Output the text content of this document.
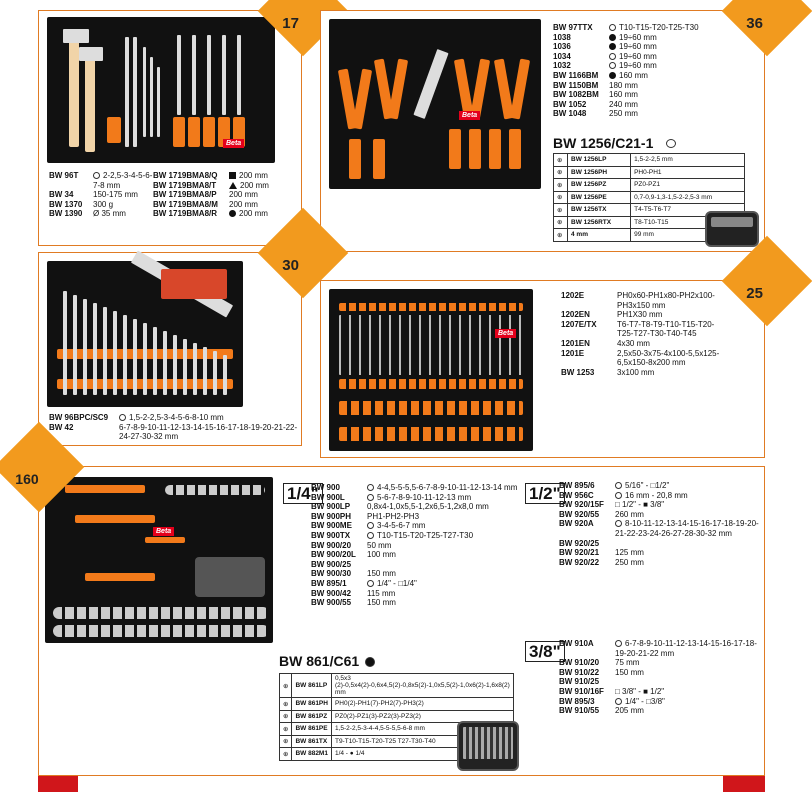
Beta
17
BW 96T	2-2,5-3-4-5-6-7-8 mm
BW 34	150-175 mm
BW 1370	300 g
BW 1390	Ø 35 mm
BW 1719BMA8/Q	200 mm
BW 1719BMA8/T	200 mm
BW 1719BMA8/P	200 mm
BW 1719BMA8/M	200 mm
BW 1719BMA8/R	200 mm
Beta
36
BW 97TTX	T10-T15-T20-T25-T30
1038	19÷60 mm
1036	19÷60 mm
1034	19÷60 mm
1032	19÷60 mm
BW 1166BM	160 mm
BW 1150BM	180 mm
BW 1082BM	160 mm
BW 1052	240 mm
BW 1048	250 mm
BW 1256/C21-1
⊕	BW 1256LP	1,5-2-2,5 mm
⊕	BW 1256PH	PH0-PH1
⊕	BW 1256PZ	PZ0-PZ1
⊕	BW 1256PE	0,7-0,9-1,3-1,5-2-2,5-3 mm
⊕	BW 1256TX	T4-T5-T6-T7
⊕	BW 1256RTX	T8-T10-T15
⊕	4 mm	99 mm
30
BW 96BPC/SC9	1,5-2-2,5-3-4-5-6-8-10 mm
BW 42	6-7-8-9-10-11-12-13-14-15-16-17-18-19-20-21-22-24-27-30-32 mm
Beta
25
1202E	PH0x60-PH1x80-PH2x100-PH3x150 mm
1202EN	PH1X30 mm
1207E/TX	T6-T7-T8-T9-T10-T15-T20-T25-T27-T30-T40-T45
1201EN	4x30 mm
1201E	2,5x50-3x75-4x100-5,5x125-6,5x150-8x200 mm
BW 1253	3x100 mm
Beta
160
1/4"
BW 900	4-4,5-5-5,5-6-7-8-9-10-11-12-13-14 mm
BW 900L	5-6-7-8-9-10-11-12-13 mm
BW 900LP	0,8x4-1,0x5,5-1,2x6,5-1,2x8,0 mm
BW 900PH	PH1-PH2-PH3
BW 900ME	3-4-5-6-7 mm
BW 900TX	T10-T15-T20-T25-T27-T30
BW 900/20	50 mm
BW 900/20L	100 mm
BW 900/25
BW 900/30	150 mm
BW 895/1	1/4" - □1/4"
BW 900/42	115 mm
BW 900/55	150 mm
1/2"
BW 895/6	5/16" - □1/2"
BW 956C	16 mm - 20,8 mm
BW 920/15F	□ 1/2" - ■ 3/8"
BW 920/55	260 mm
BW 920A	8-10-11-12-13-14-15-16-17-18-19-20-21-22-23-24-26-27-28-30-32 mm
BW 920/25
BW 920/21	125 mm
BW 920/22	250 mm
3/8"
BW 910A	6-7-8-9-10-11-12-13-14-15-16-17-18-19-20-21-22 mm
BW 910/20	75 mm
BW 910/22	150 mm
BW 910/25
BW 910/16F	□ 3/8" - ■ 1/2"
BW 895/3	1/4" - □3/8"
BW 910/55	205 mm
BW 861/C61
⊕	BW 861LP	0,5x3 (2)-0,5x4(2)-0,6x4,5(2)-0,8x5(2)-1,0x5,5(2)-1,0x6(2)-1,6x8(2) mm
⊕	BW 861PH	PH0(2)-PH1(7)-PH2(7)-PH3(2)
⊕	BW 861PZ	PZ0(2)-PZ1(3)-PZ2(3)-PZ3(2)
⊕	BW 861PE	1,5-2-2,5-3-4-4,5-5-5,5-6-8 mm
⊕	BW 861TX	T9-T10-T15-T20-T25 T27-T30-T40
⊕	BW 882M1	1/4 - ● 1/4
